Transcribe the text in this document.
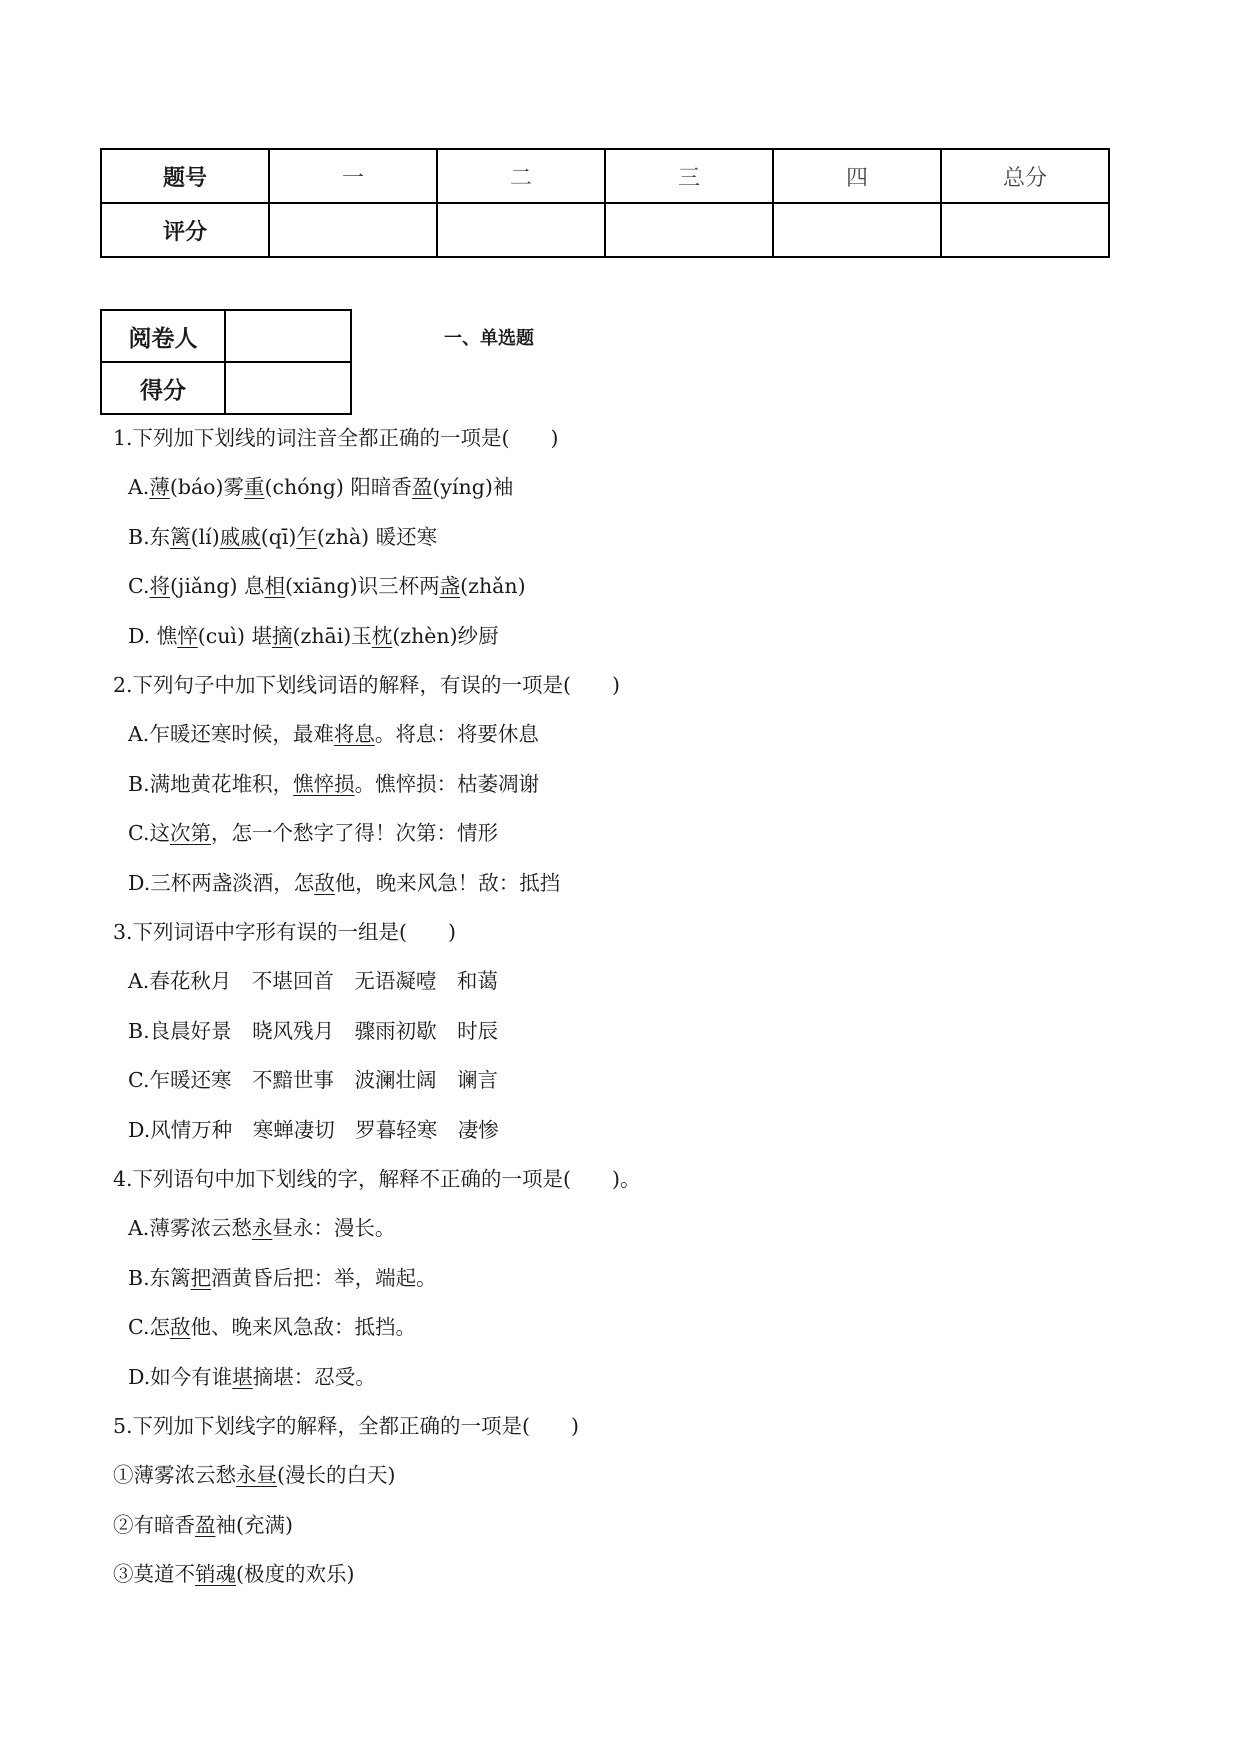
题号	一	二	三	四	总分
评分					
阅卷人	
得分	
一、单选题
1.下列加下划线的词注音全都正确的一项是(　　)
A.薄(báo)雾重(chóng) 阳暗香盈(yíng)袖
B.东篱(lí)戚戚(qī)乍(zhà) 暖还寒
C.将(jiǎng) 息相(xiāng)识三杯两盏(zhǎn)
D. 憔悴(cuì) 堪摘(zhāi)玉枕(zhèn)纱厨
2.下列句子中加下划线词语的解释，有误的一项是(　　)
A.乍暖还寒时候，最难将息。将息：将要休息
B.满地黄花堆积，憔悴损。憔悴损：枯萎凋谢
C.这次第，怎一个愁字了得！次第：情形
D.三杯两盏淡酒，怎敌他，晚来风急！敌：抵挡
3.下列词语中字形有误的一组是(　　)
A.春花秋月　不堪回首　无语凝噎　和蔼
B.良晨好景　晓风残月　骤雨初歇　时辰
C.乍暖还寒　不黯世事　波澜壮阔　谰言
D.风情万种　寒蝉凄切　罗暮轻寒　凄惨
4.下列语句中加下划线的字，解释不正确的一项是(　　)。
A.薄雾浓云愁永昼永：漫长。
B.东篱把酒黄昏后把：举，端起。
C.怎敌他、晚来风急敌：抵挡。
D.如今有谁堪摘堪：忍受。
5.下列加下划线字的解释，全都正确的一项是(　　)
①薄雾浓云愁永昼(漫长的白天)
②有暗香盈袖(充满)
③莫道不销魂(极度的欢乐)
